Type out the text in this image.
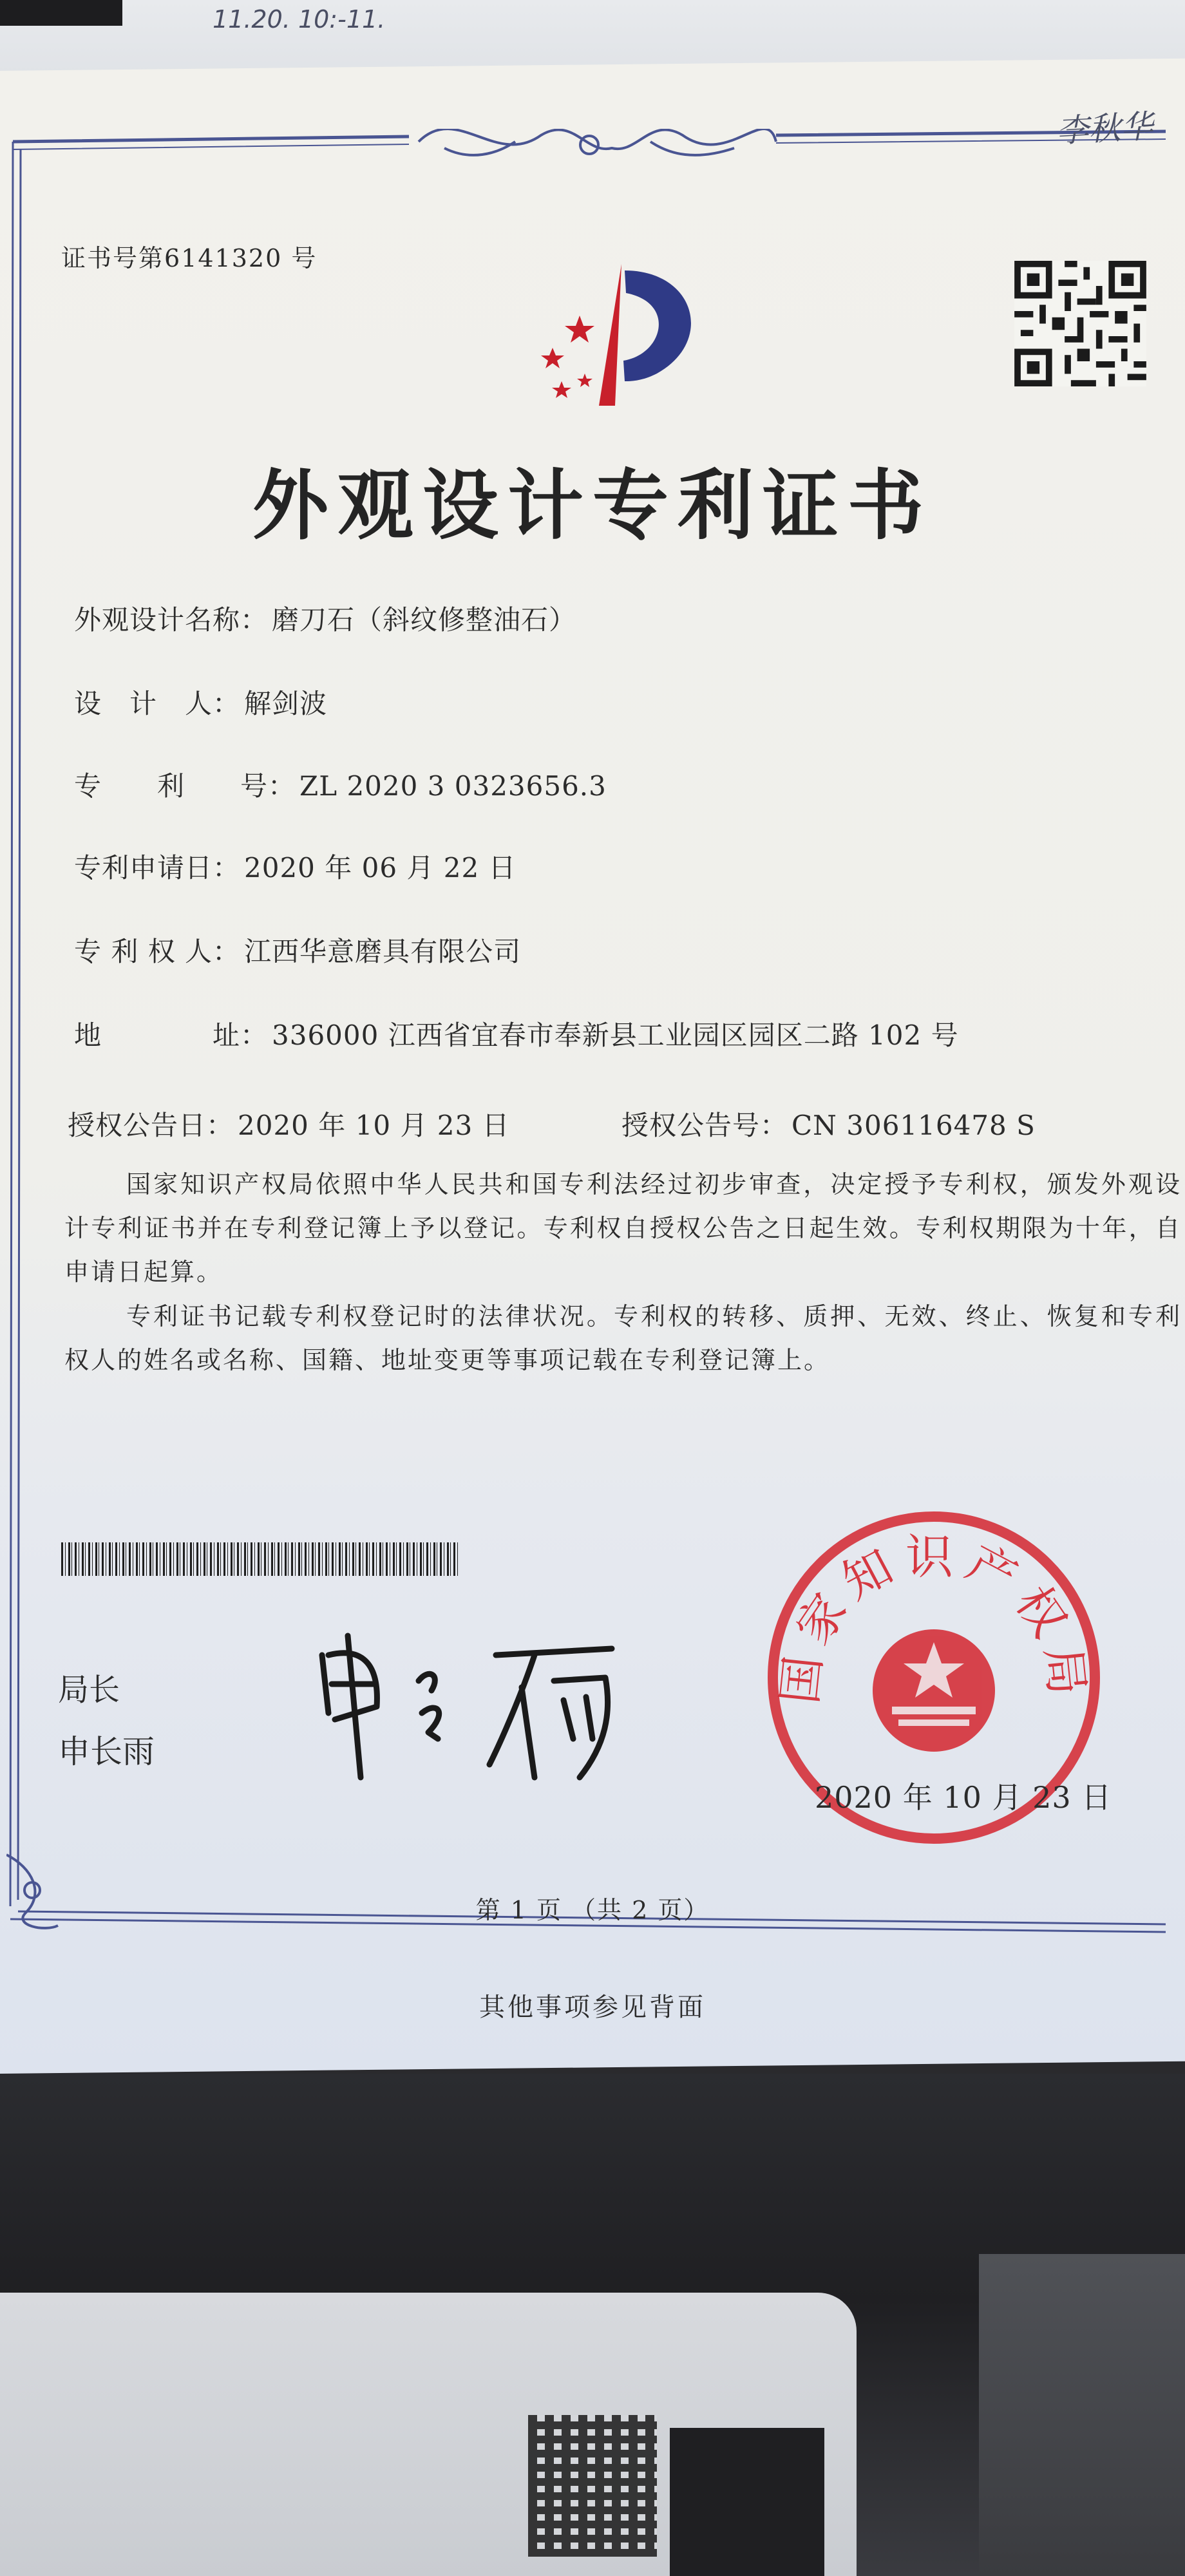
11.20. 10:-11.
李秋华
证书号第6141320 号
外观设计专利证书
外观设计名称： 磨刀石（斜纹修整油石）
设　计　人： 解剑波
专　　利　　号： ZL 2020 3 0323656.3
专利申请日： 2020 年 06 月 22 日
专 利 权 人： 江西华意磨具有限公司
地　　　　址： 336000 江西省宜春市奉新县工业园区园区二路 102 号
授权公告日： 2020 年 10 月 23 日	授权公告号： CN 306116478 S
国家知识产权局依照中华人民共和国专利法经过初步审查，决定授予专利权，颁发外观设计专利证书并在专利登记簿上予以登记。专利权自授权公告之日起生效。专利权期限为十年，自申请日起算。
专利证书记载专利权登记时的法律状况。专利权的转移、质押、无效、终止、恢复和专利权人的姓名或名称、国籍、地址变更等事项记载在专利登记簿上。
局长
申长雨
国家知识产权局
2020 年 10 月 23 日
第 1 页 （共 2 页）
其他事项参见背面
